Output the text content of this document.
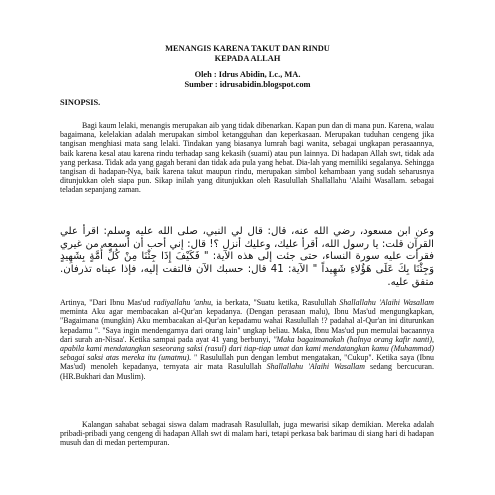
MENANGIS KARENA TAKUT DAN RINDU
KEPADA ALLAH
Oleh : Idrus Abidin, Lc., MA.
Sumber : idrusabidin.blogspot.com
SINOPSIS.

Bagi kaum lelaki, menangis merupakan aib yang tidak dibenarkan. Kapan pun dan di mana pun. Karena, walau bagaimana, kelelakian adalah merupakan simbol ketangguhan dan keperkasaan. Merupakan tuduhan cengeng jika tangisan menghiasi mata sang lelaki. Tindakan yang biasanya lumrah bagi wanita, sebagai ungkapan perasaannya, baik karena kesal atau karena rindu terhadap sang kekasih (suami) atau pun lainnya. Di hadapan Allah swt, tidak ada yang perkasa. Tidak ada yang gagah berani dan tidak ada pula yang hebat. Dia-lah yang memiliki segalanya. Sehingga tangisan di hadapan-Nya, baik karena takut maupun rindu, merupakan simbol kehambaan yang sudah seharusnya ditunjukkan oleh siapa pun. Sikap inilah yang ditunjukkan oleh Rasulullah Shallallahu 'Alaihi Wasallam. sebagai teladan sepanjang zaman.

وعن ابن مسعود، رضي الله عنه، قال: قال لي النبي، صلى الله عليه وسلم: اقرأ علي القرآن قلت: يا رسول الله، أقرأ عليك، وعليك أنزل ؟! قال: إني أحب أن أسمعه من غيري فقرأت عليه سورة النساء، حتى جئت إلى هذه الآية: " فَكَيْفَ إِذَا جِئْنَا مِنْ كُلِّ أُمَّةٍ بِشَهِيدٍ وَجِئْنَا بِكَ عَلَى هَؤُلاءِ شَهِيداً " الآية: 41 قال: حسبك الآن فالتفت إليه، فإذا عيناه تذرفان. متفق عليه.

Artinya, "Dari Ibnu Mas'ud radiyallahu 'anhu, ia berkata, "Suatu ketika, Rasulullah Shallallahu 'Alaihi Wasallam meminta Aku agar membacakan al-Qur'an kepadanya. (Dengan perasaan malu), Ibnu Mas'ud mengungkapkan, "Bagaimana (mungkin) Aku membacakan al-Qur'an kepadamu wahai Rasulullah !? padahal al-Qur'an ini diturunkan kepadamu ". "Saya ingin mendengarnya dari orang lain" ungkap beliau. Maka, Ibnu Mas'ud pun memulai bacaannya dari surah an-Nisaa'. Ketika sampai pada ayat 41 yang berbunyi, "Maka bagaimanakah (halnya orang kafir nanti), apabila kami mendatangkan seseorang saksi (rasul) dari tiap-tiap umat dan kami mendatangkan kamu (Muhammad) sebagai saksi atas mereka itu (umatmu). " Rasulullah pun dengan lembut mengatakan, "Cukup". Ketika saya (Ibnu Mas'ud) menoleh kepadanya, ternyata air mata Rasulullah Shallallahu 'Alaihi Wasallam sedang bercucuran. (HR.Bukhari dan Muslim).

Kalangan sahabat sebagai siswa dalam madrasah Rasulullah, juga mewarisi sikap demikian. Mereka adalah pribadi-pribadi yang cengeng di hadapan Allah swt di malam hari, tetapi perkasa bak barimau di siang hari di hadapan musuh dan di medan pertempuran.
